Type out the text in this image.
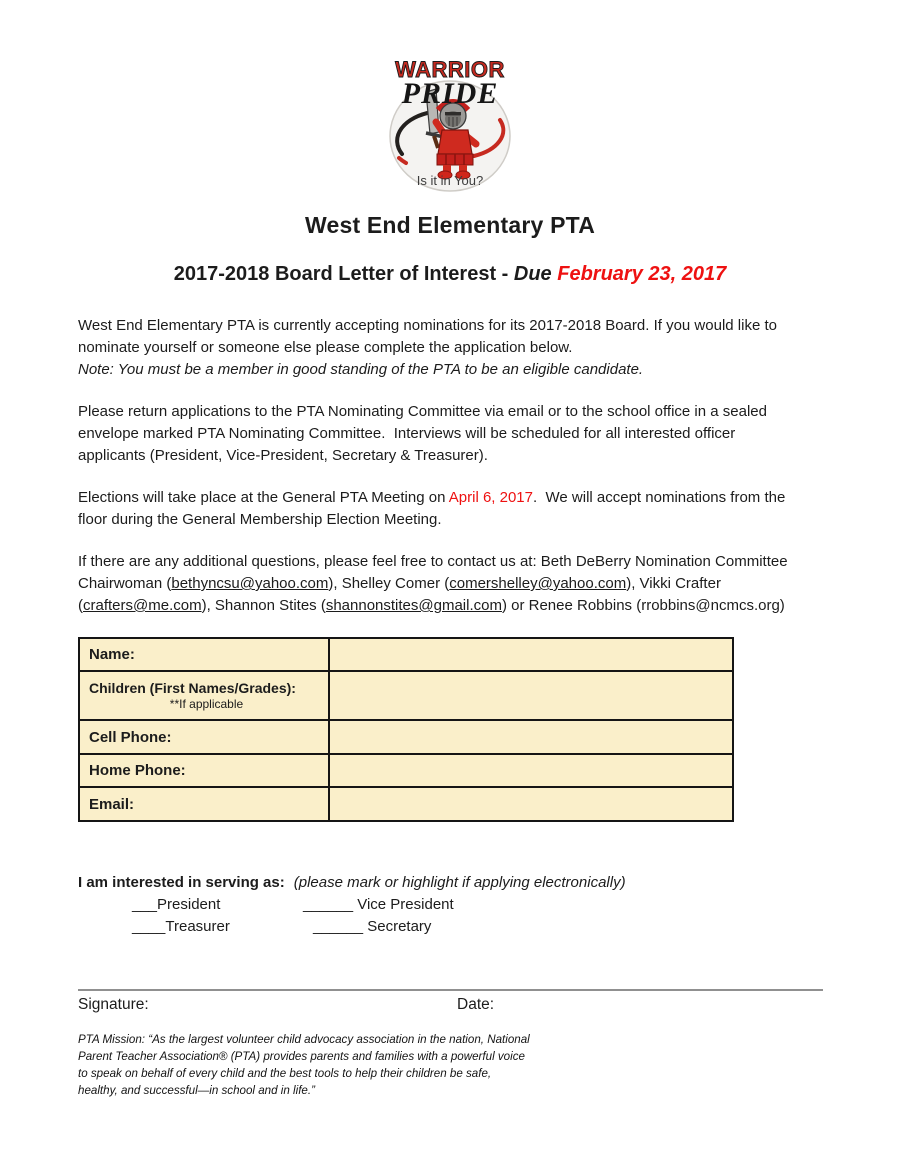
WARRIOR
PRIDE
Is it in You?
West End Elementary PTA
2017-2018 Board Letter of Interest - Due February 23, 2017
West End Elementary PTA is currently accepting nominations for its 2017-2018 Board. If you would like to
nominate yourself or someone else please complete the application below.
Note: You must be a member in good standing of the PTA to be an eligible candidate.
Please return applications to the PTA Nominating Committee via email or to the school office in a sealed
envelope marked PTA Nominating Committee.  Interviews will be scheduled for all interested officer
applicants (President, Vice-President, Secretary & Treasurer).
Elections will take place at the General PTA Meeting on April 6, 2017.  We will accept nominations from the
floor during the General Membership Election Meeting.
If there are any additional questions, please feel free to contact us at: Beth DeBerry Nomination Committee
Chairwoman (bethyncsu@yahoo.com), Shelley Comer (comershelley@yahoo.com), Vikki Crafter
(crafters@me.com), Shannon Stites (shannonstites@gmail.com) or Renee Robbins (rrobbins@ncmcs.org)
Name:	

Children (First Names/Grades):
**If applicable	

Cell Phone:	
Home Phone:	
Email:	
I am interested in serving as: (please mark or highlight if applying electronically)
___President	______ Vice President
____Treasurer	______ Secretary
Signature:	Date:
PTA Mission: “As the largest volunteer child advocacy association in the nation, National
Parent Teacher Association® (PTA) provides parents and families with a powerful voice
to speak on behalf of every child and the best tools to help their children be safe,
healthy, and successful—in school and in life.”
